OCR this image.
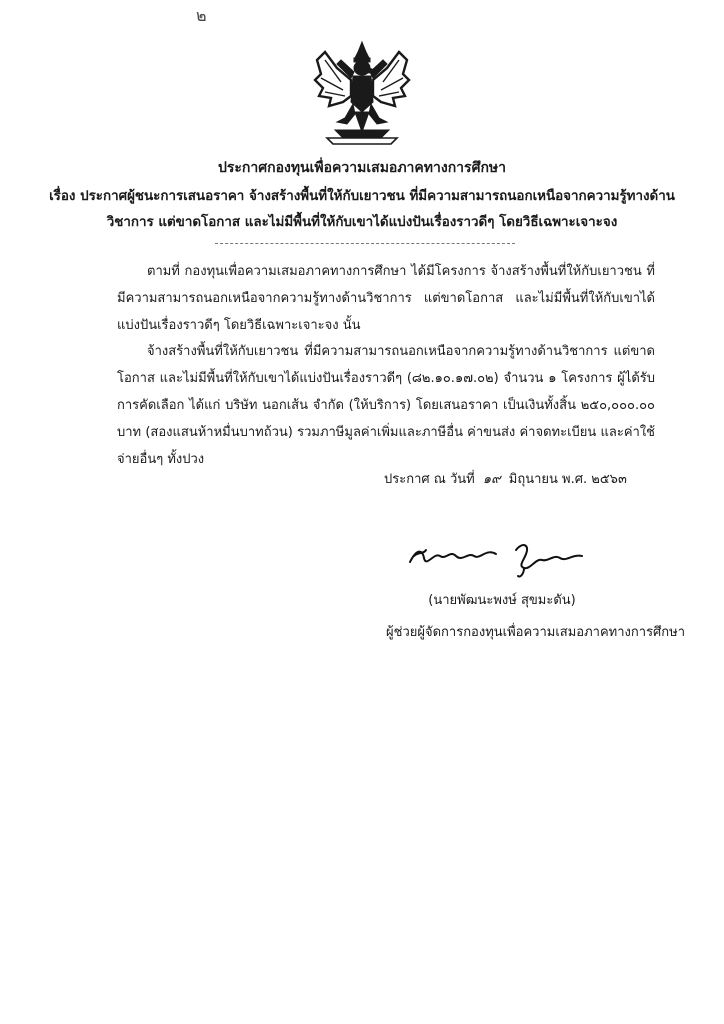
๒
ประกาศกองทุนเพื่อความเสมอภาคทางการศึกษา
เรื่อง ประกาศผู้ชนะการเสนอราคา จ้างสร้างพื้นที่ให้กับเยาวชน ที่มีความสามารถนอกเหนือจากความรู้ทางด้าน
วิชาการ แต่ขาดโอกาส และไม่มีพื้นที่ให้กับเขาได้แบ่งปันเรื่องราวดีๆ โดยวิธีเฉพาะเจาะจง

ตามที่ กองทุนเพื่อความเสมอภาคทางการศึกษา ได้มีโครงการ จ้างสร้างพื้นที่ให้กับเยาวชน ที่มีความสามารถนอกเหนือจากความรู้ทางด้านวิชาการ แต่ขาดโอกาส และไม่มีพื้นที่ให้กับเขาได้แบ่งปันเรื่องราวดีๆ โดยวิธีเฉพาะเจาะจง นั้น

จ้างสร้างพื้นที่ให้กับเยาวชน ที่มีความสามารถนอกเหนือจากความรู้ทางด้านวิชาการ แต่ขาดโอกาส และไม่มีพื้นที่ให้กับเขาได้แบ่งปันเรื่องราวดีๆ (๘๒.๑๐.๑๗.๐๒) จำนวน ๑ โครงการ ผู้ได้รับการคัดเลือก ได้แก่ บริษัท นอกเส้น จำกัด (ให้บริการ) โดยเสนอราคา เป็นเงินทั้งสิ้น ๒๕๐,๐๐๐.๐๐ บาท (สองแสนห้าหมื่นบาทถ้วน) รวมภาษีมูลค่าเพิ่มและภาษีอื่น ค่าขนส่ง ค่าจดทะเบียน และค่าใช้จ่ายอื่นๆ ทั้งปวง

ประกาศ ณ วันที่ ๑๙ มิถุนายน พ.ศ. ๒๕๖๓
(นายพัฒนะพงษ์ สุขมะดัน)
ผู้ช่วยผู้จัดการกองทุนเพื่อความเสมอภาคทางการศึกษา
